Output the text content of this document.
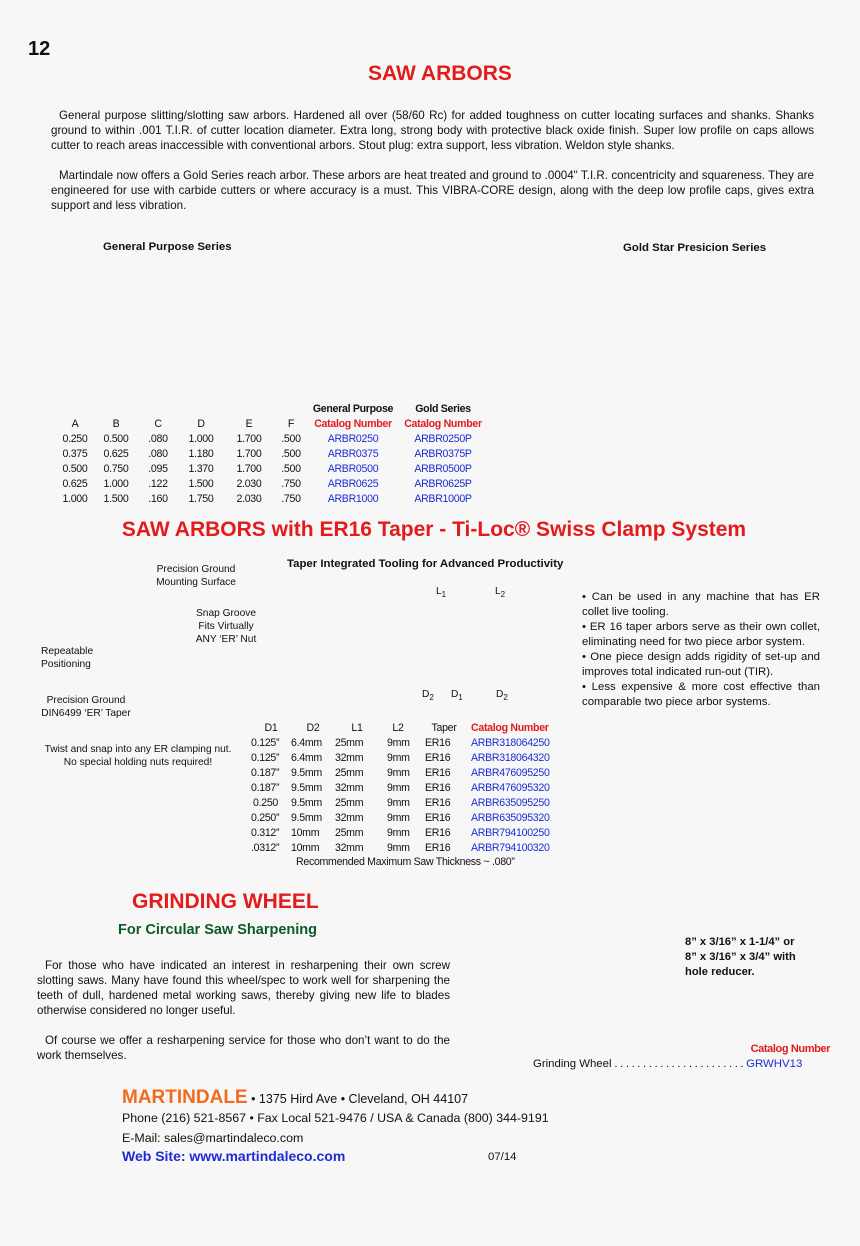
12
SAW ARBORS
General purpose slitting/slotting saw arbors. Hardened all over (58/60 Rc) for added toughness on cutter locating surfaces and shanks. Shanks ground to within .001 T.I.R. of cutter location diameter. Extra long, strong body with protective black oxide finish. Super low profile on caps allows cutter to reach areas inaccessible with conventional arbors. Stout plug: extra support, less vibration. Weldon style shanks.
Martindale now offers a Gold Series reach arbor. These arbors are heat treated and ground to .0004" T.I.R. concentricity and squareness. They are engineered for use with carbide cutters or where accuracy is a must. This VIBRA-CORE design, along with the deep low profile caps, gives extra support and less vibration.
General Purpose Series	Gold Star Presicion Series
						General Purpose	Gold Series
A	B	C	D	E	F	Catalog Number	Catalog Number
0.250	0.500	.080	1.000	1.700	.500	ARBR0250	ARBR0250P
0.375	0.625	.080	1.180	1.700	.500	ARBR0375	ARBR0375P
0.500	0.750	.095	1.370	1.700	.500	ARBR0500	ARBR0500P
0.625	1.000	.122	1.500	2.030	.750	ARBR0625	ARBR0625P
1.000	1.500	.160	1.750	2.030	.750	ARBR1000	ARBR1000P
SAW ARBORS with ER16 Taper - Ti-Loc® Swiss Clamp System
Taper Integrated Tooling for Advanced Productivity
Precision Ground
Mounting Surface
Snap Groove
Fits Virtually
ANY ‘ER’ Nut
Repeatable
Positioning
Precision Ground
DIN6499 ‘ER’ Taper
Twist and snap into any ER clamping nut.
No special holding nuts required!
$L_1$	$L_2$
$D_2$ $D_1$	$D_2$
• Can be used in any machine that has ER collet live tooling.
• ER 16 taper arbors serve as their own collet, eliminating need for two piece arbor system.
• One piece design adds rigidity of set-up and improves total indicated run-out (TIR).
• Less expensive & more cost effective than comparable two piece arbor systems.
D1	D2	L1	L2	Taper	Catalog Number
0.125”	6.4mm	25mm	9mm	ER16	ARBR318064250
0.125”	6.4mm	32mm	9mm	ER16	ARBR318064320
0.187”	9.5mm	25mm	9mm	ER16	ARBR476095250
0.187”	9.5mm	32mm	9mm	ER16	ARBR476095320
0.250	9.5mm	25mm	9mm	ER16	ARBR635095250
0.250”	9.5mm	32mm	9mm	ER16	ARBR635095320
0.312”	10mm	25mm	9mm	ER16	ARBR794100250
.0312”	10mm	32mm	9mm	ER16	ARBR794100320
Recommended Maximum Saw Thickness ~ .080”
GRINDING WHEEL
For Circular Saw Sharpening
For those who have indicated an interest in resharpening their own screw slotting saws. Many have found this wheel/spec to work well for sharpening the teeth of dull, hardened metal working saws, thereby giving new life to blades otherwise considered no longer useful.
Of course we offer a resharpening service for those who don’t want to do the work themselves.
8” x 3/16” x 1-1/4” or
8” x 3/16” x 3/4” with
hole reducer.
Catalog Number
Grinding Wheel . . . . . . . . . . . . . . . . . . . . . . . GRWHV13
MARTINDALE • 1375 Hird Ave • Cleveland, OH 44107
Phone (216) 521-8567 • Fax Local 521-9476 / USA & Canada (800) 344-9191
E-Mail: sales@martindaleco.com
Web Site: www.martindaleco.com	07/14
